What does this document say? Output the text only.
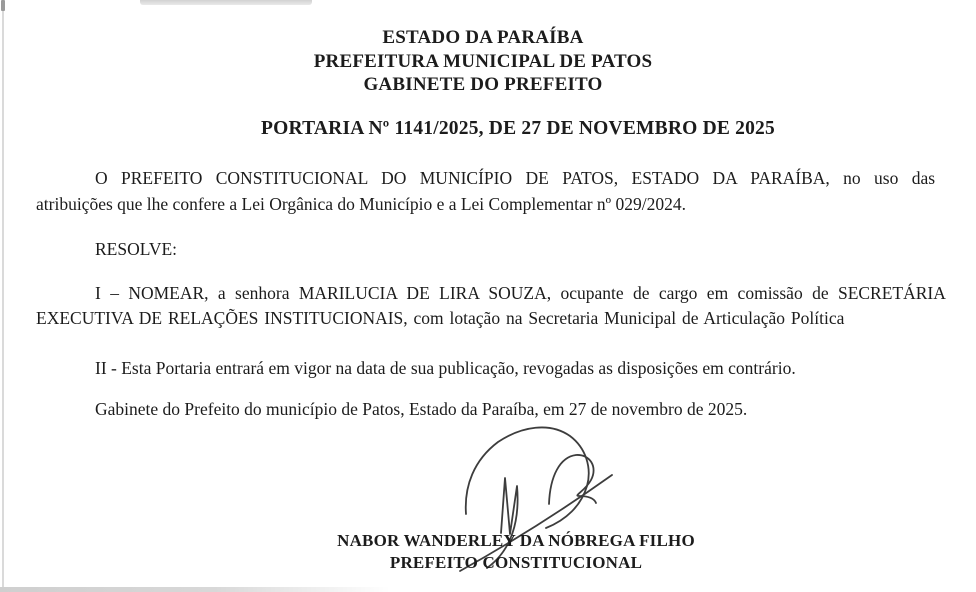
ESTADO DA PARAÍBA
PREFEITURA MUNICIPAL DE PATOS
GABINETE DO PREFEITO
PORTARIA Nº 1141/2025, DE 27 DE NOVEMBRO DE 2025
O PREFEITO CONSTITUCIONAL DO MUNICÍPIO DE PATOS, ESTADO DA PARAÍBA, no uso das
atribuições que lhe confere a Lei Orgânica do Município e a Lei Complementar nº 029/2024.
RESOLVE:
I – NOMEAR, a senhora MARILUCIA DE LIRA SOUZA, ocupante de cargo em comissão de SECRETÁRIA
EXECUTIVA DE RELAÇÕES INSTITUCIONAIS, com lotação na Secretaria Municipal de Articulação Política
II - Esta Portaria entrará em vigor na data de sua publicação, revogadas as disposições em contrário.
Gabinete do Prefeito do município de Patos, Estado da Paraíba, em 27 de novembro de 2025.
NABOR WANDERLEY DA NÓBREGA FILHO
PREFEITO CONSTITUCIONAL
